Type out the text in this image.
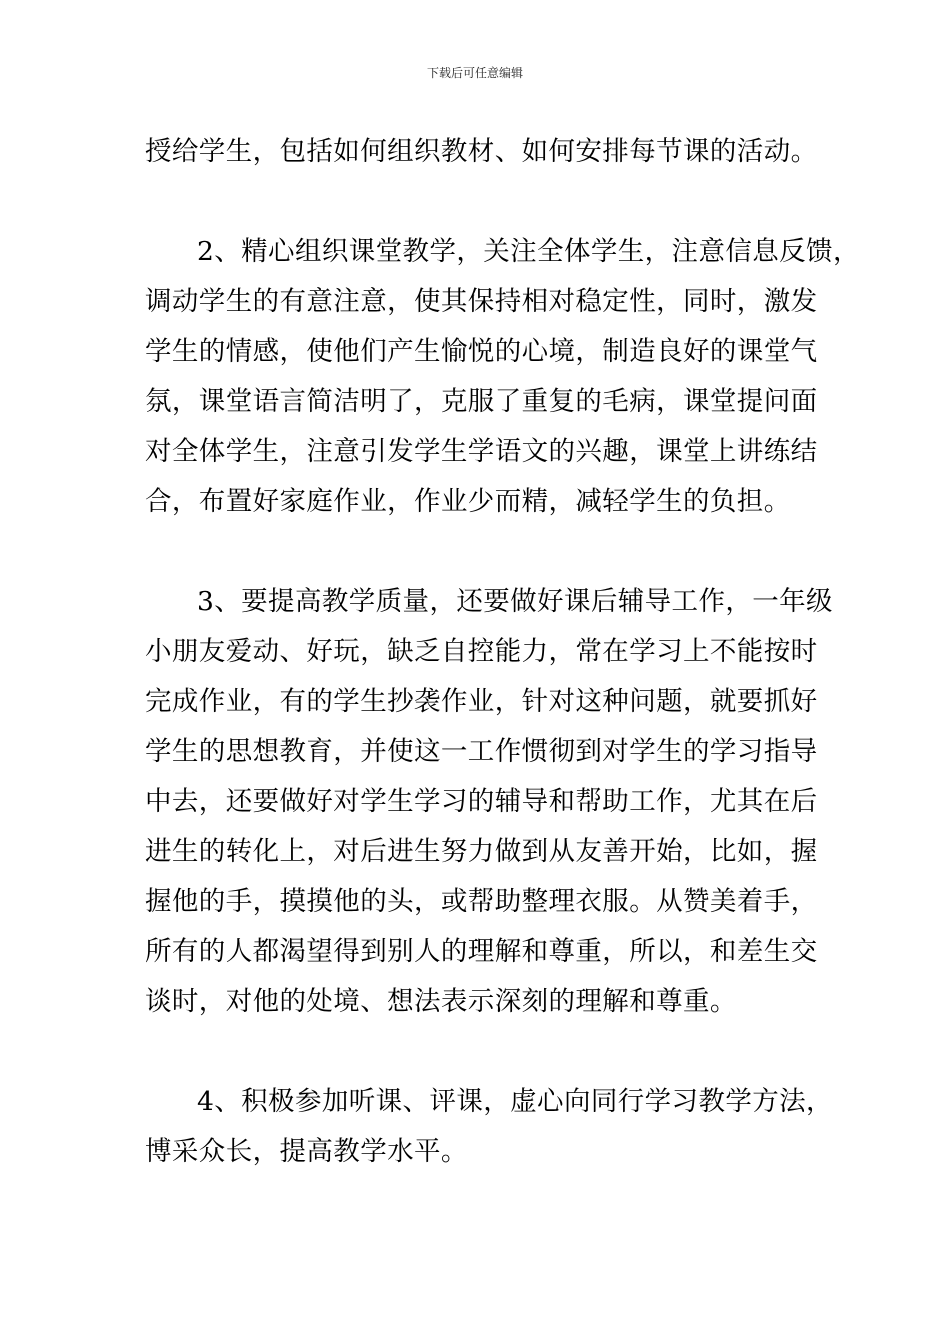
下载后可任意编辑

授给学生，包括如何组织教材、如何安排每节课的活动。

2、精心组织课堂教学，关注全体学生，注意信息反馈，
调动学生的有意注意，使其保持相对稳定性，同时，激发
学生的情感，使他们产生愉悦的心境，制造良好的课堂气
氛，课堂语言简洁明了，克服了重复的毛病，课堂提问面
对全体学生，注意引发学生学语文的兴趣，课堂上讲练结
合，布置好家庭作业，作业少而精，减轻学生的负担。

3、要提高教学质量，还要做好课后辅导工作，一年级
小朋友爱动、好玩，缺乏自控能力，常在学习上不能按时
完成作业，有的学生抄袭作业，针对这种问题，就要抓好
学生的思想教育，并使这一工作惯彻到对学生的学习指导
中去，还要做好对学生学习的辅导和帮助工作，尤其在后
进生的转化上，对后进生努力做到从友善开始，比如，握
握他的手，摸摸他的头，或帮助整理衣服。从赞美着手，
所有的人都渴望得到别人的理解和尊重，所以，和差生交
谈时，对他的处境、想法表示深刻的理解和尊重。

4、积极参加听课、评课，虚心向同行学习教学方法，
博采众长，提高教学水平。
